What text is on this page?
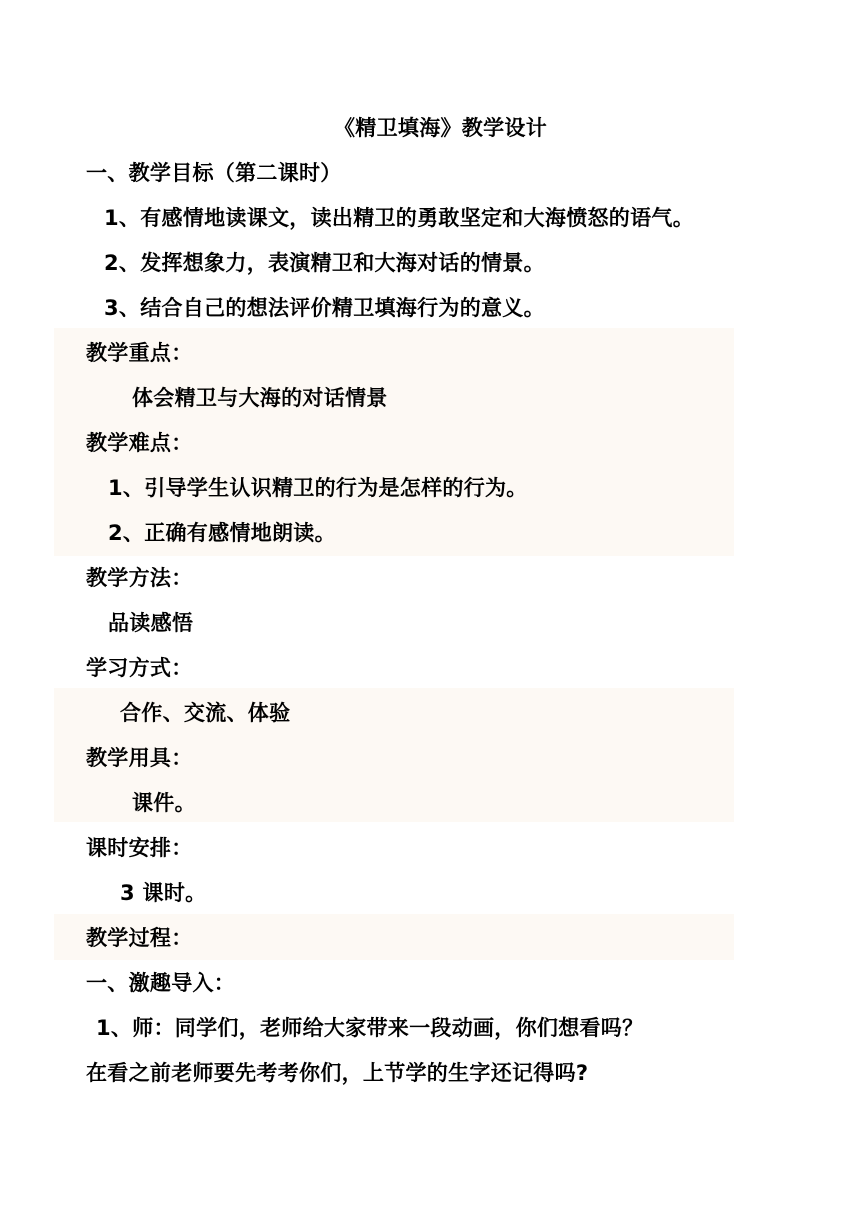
《精卫填海》教学设计
一、教学目标（第二课时）
1、有感情地读课文，读出精卫的勇敢坚定和大海愤怒的语气。
2、发挥想象力，表演精卫和大海对话的情景。
3、结合自己的想法评价精卫填海行为的意义。
教学重点：
体会精卫与大海的对话情景
教学难点：
1、引导学生认识精卫的行为是怎样的行为。
2、正确有感情地朗读。
教学方法：
品读感悟
学习方式：
合作、交流、体验
教学用具：
课件。
课时安排：
3 课时。
教学过程：
一、激趣导入：
1、师：同学们，老师给大家带来一段动画，你们想看吗？
在看之前老师要先考考你们，上节学的生字还记得吗?
